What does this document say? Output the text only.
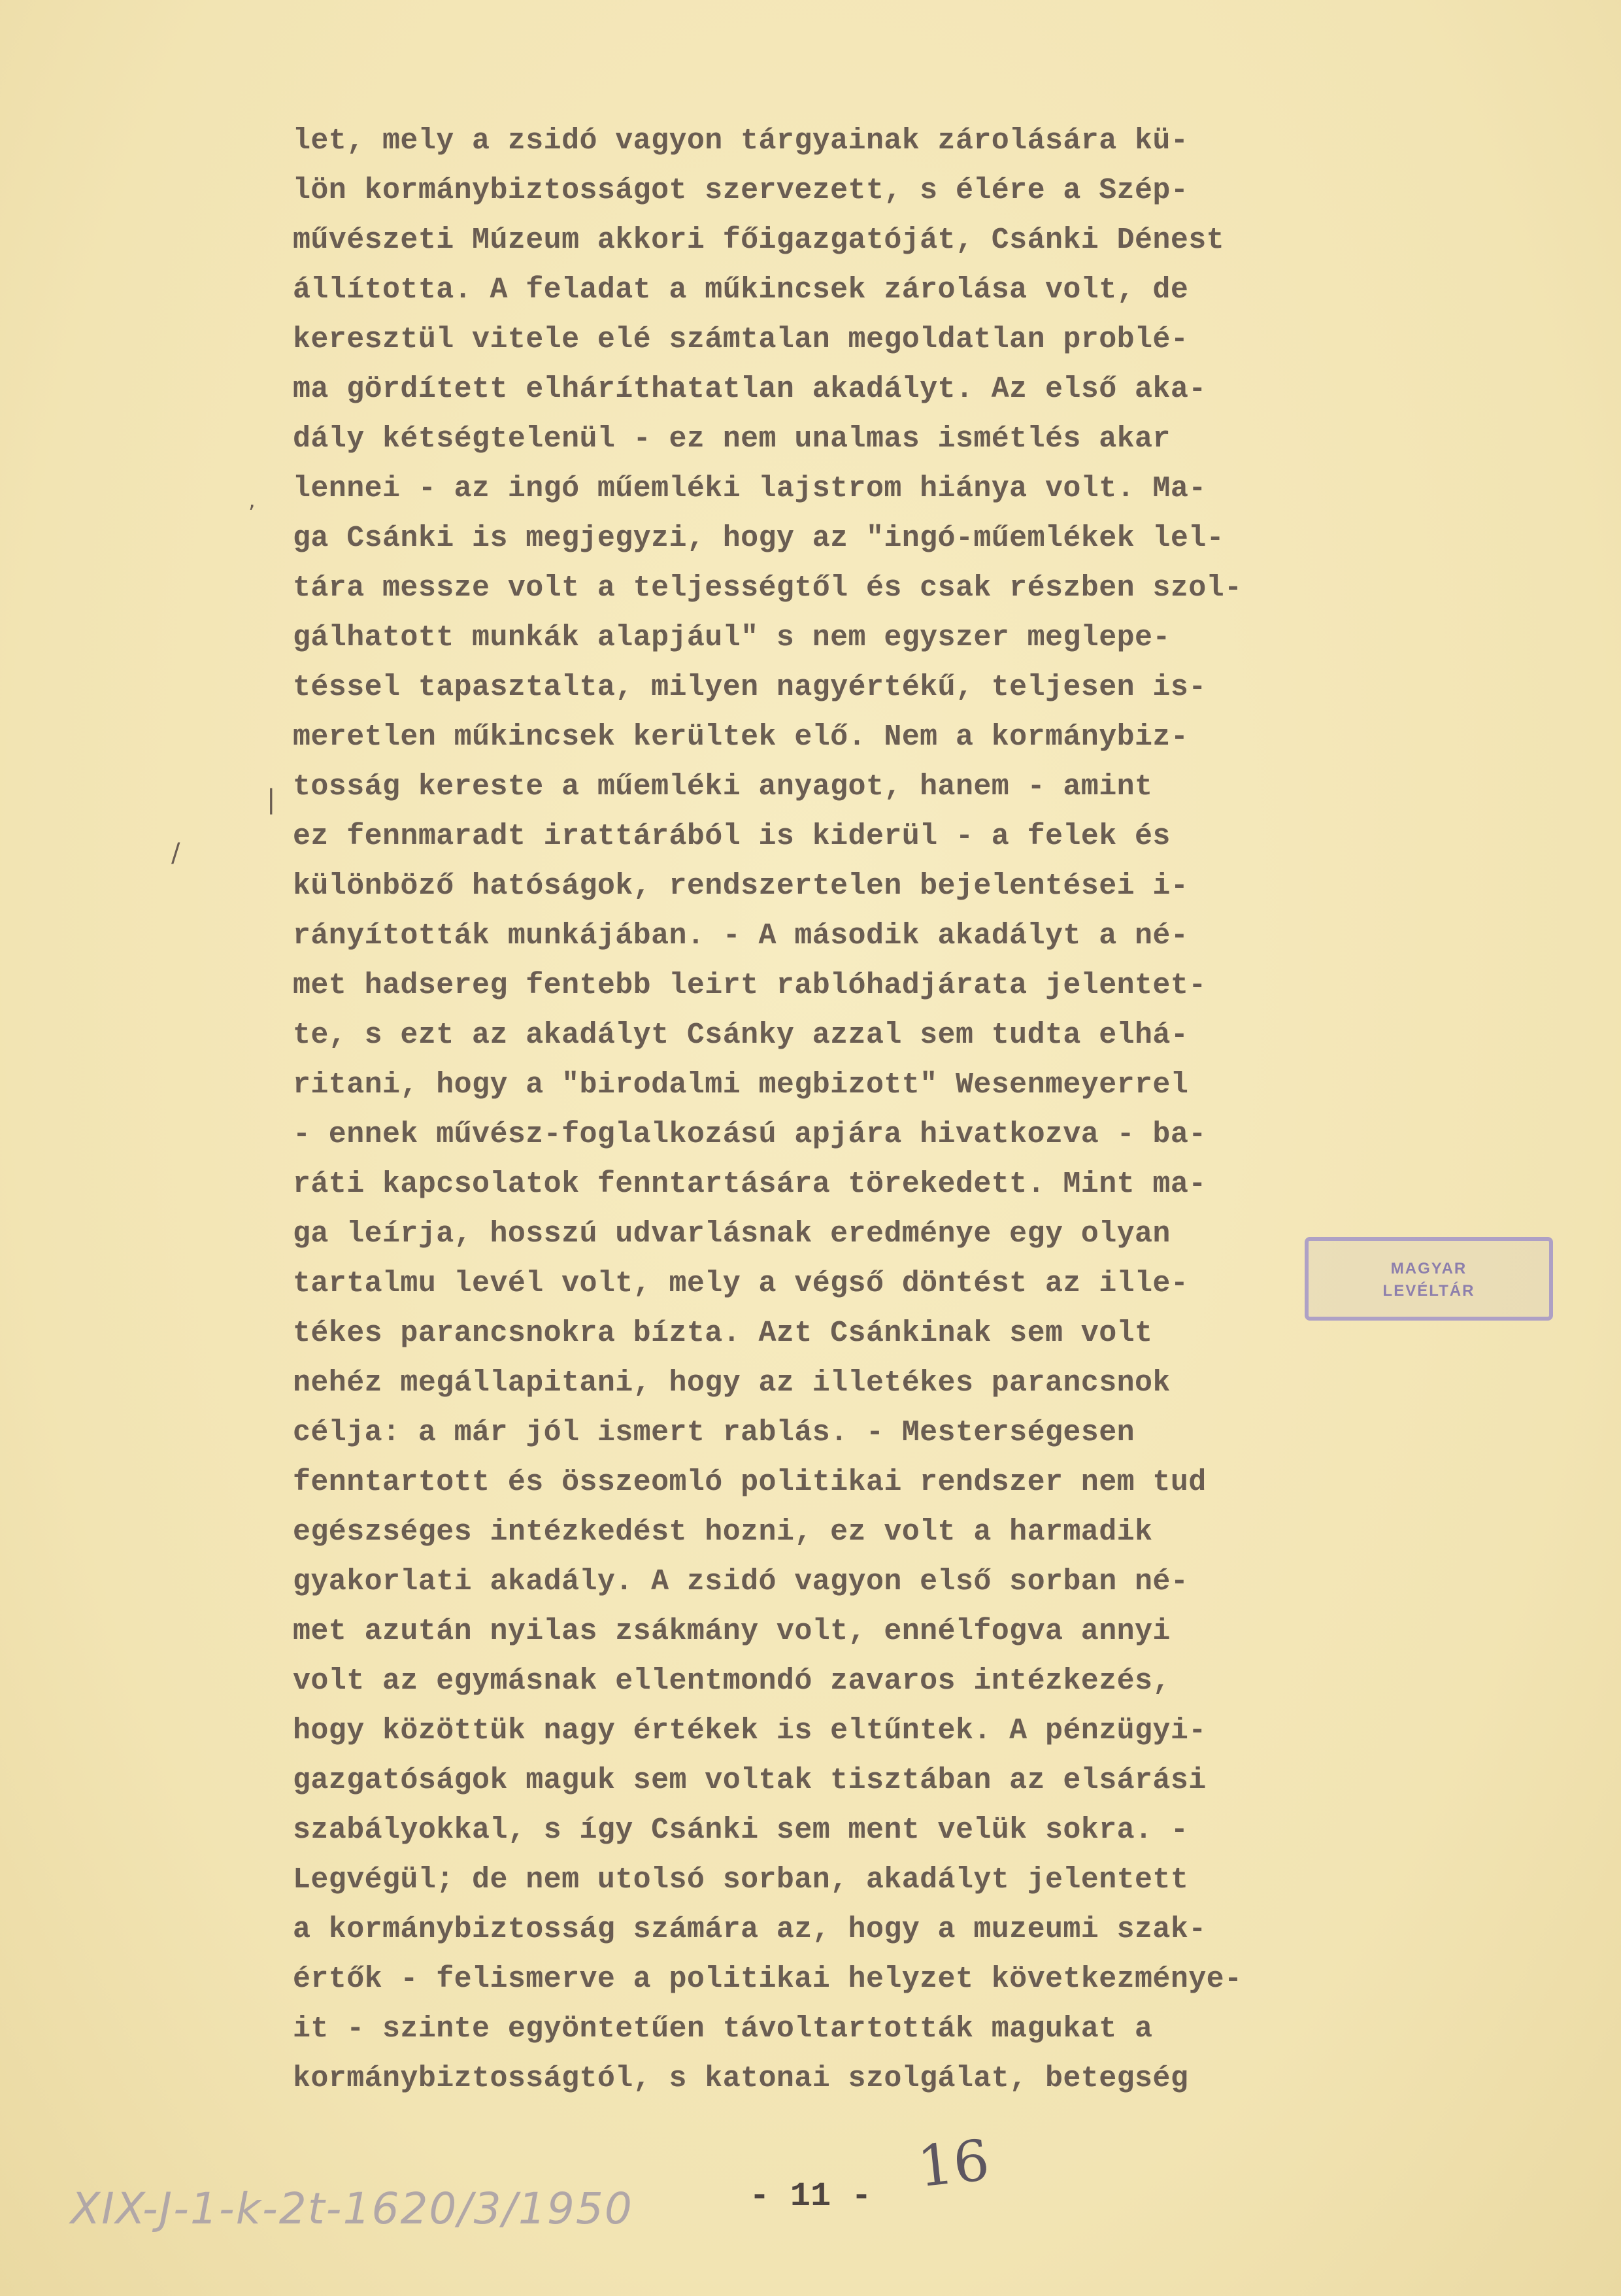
let, mely a zsidó vagyon tárgyainak zárolására kü-
lön kormánybiztosságot szervezett, s élére a Szép-
művészeti Múzeum akkori főigazgatóját, Csánki Dénest
állította. A feladat a műkincsek zárolása volt, de
keresztül vitele elé számtalan megoldatlan problé-
ma gördített elháríthatatlan akadályt. Az első aka-
dály kétségtelenül - ez nem unalmas ismétlés akar
lennei - az ingó műemléki lajstrom hiánya volt. Ma-
ga Csánki is megjegyzi, hogy az "ingó-műemlékek lel-
tára messze volt a teljességtől és csak részben szol-
gálhatott munkák alapjául" s nem egyszer meglepe-
téssel tapasztalta, milyen nagyértékű, teljesen is-
meretlen műkincsek kerültek elő. Nem a kormánybiz-
tosság kereste a műemléki anyagot, hanem - amint
ez fennmaradt irattárából is kiderül - a felek és
különböző hatóságok, rendszertelen bejelentései i-
rányították munkájában. - A második akadályt a né-
met hadsereg fentebb leirt rablóhadjárata jelentet-
te, s ezt az akadályt Csánky azzal sem tudta elhá-
ritani, hogy a "birodalmi megbizott" Wesenmeyerrel
- ennek művész-foglalkozású apjára hivatkozva - ba-
ráti kapcsolatok fenntartására törekedett. Mint ma-
ga leírja, hosszú udvarlásnak eredménye egy olyan
tartalmu levél volt, mely a végső döntést az ille-
tékes parancsnokra bízta. Azt Csánkinak sem volt
nehéz megállapitani, hogy az illetékes parancsnok
célja: a már jól ismert rablás. - Mesterségesen
fenntartott és összeomló politikai rendszer nem tud
egészséges intézkedést hozni, ez volt a harmadik
gyakorlati akadály. A zsidó vagyon első sorban né-
met azután nyilas zsákmány volt, ennélfogva annyi
volt az egymásnak ellentmondó zavaros intézkezés,
hogy közöttük nagy értékek is eltűntek. A pénzügyi-
gazgatóságok maguk sem voltak tisztában az elsárási
szabályokkal, s így Csánki sem ment velük sokra. -
Legvégül; de nem utolsó sorban, akadályt jelentett
a kormánybiztosság számára az, hogy a muzeumi szak-
értők - felismerve a politikai helyzet következménye-
it - szinte egyöntetűen távoltartották magukat a
kormánybiztosságtól, s katonai szolgálat, betegség
MAGYAR
LEVÉLTÁR
,
|
/
16
- 11 -
XIX-J-1-k-2t-1620/3/1950
